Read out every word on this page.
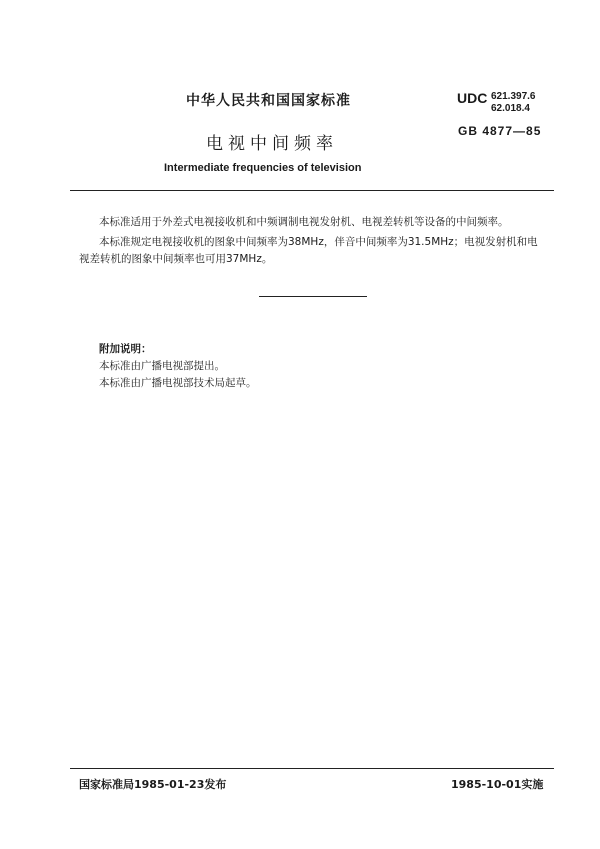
中华人民共和国国家标准	UDC 621.397.6
62.018.4
GB 4877—85
电视中间频率
Intermediate frequencies of television
本标准适用于外差式电视接收机和中频调制电视发射机、电视差转机等设备的中间频率。
本标准规定电视接收机的图象中间频率为38MHz，伴音中间频率为31.5MHz；电视发射机和电
视差转机的图象中间频率也可用37MHz。
附加说明：
本标准由广播电视部提出。
本标准由广播电视部技术局起草。
国家标准局1985-01-23发布	1985-10-01实施
